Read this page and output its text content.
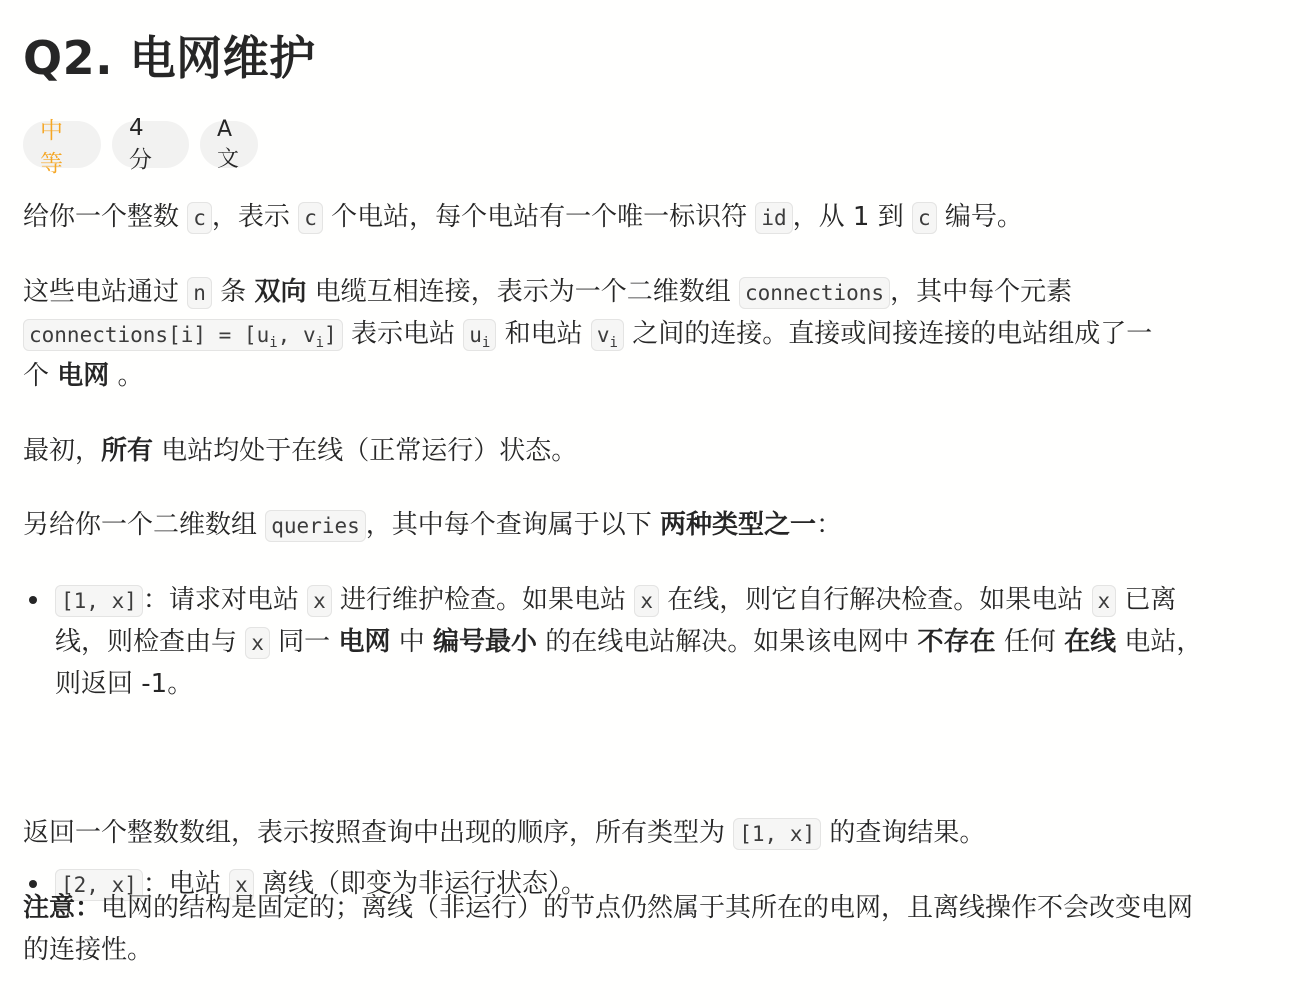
Q2. 电网维护
中等
4 分
A文

给你一个整数 c ，表示 c 个电站，每个电站有一个唯一标识符 id ，从 1 到 c 编号。

这些电站通过 n 条 双向 电缆互相连接，表示为一个二维数组 connections ，其中每个元素

connections[i] = [$u_i$, $v_i$] 表示电站 $u_i$ 和电站 $v_i$ 之间的连接。直接或间接连接的电站组成了一

个 电网 。

最初，所有 电站均处于在线（正常运行）状态。

另给你一个二维数组 queries ，其中每个查询属于以下 两种类型之一：

[1, x] ：请求对电站 x 进行维护检查。如果电站 x 在线，则它自行解决检查。如果电站 x 已离
线，则检查由与 x 同一 电网 中 编号最小 的在线电站解决。如果该电网中 不存在 任何 在线 电站，
则返回 -1。
[2, x] ：电站 x 离线（即变为非运行状态）。

返回一个整数数组，表示按照查询中出现的顺序，所有类型为 [1, x] 的查询结果。

注意：电网的结构是固定的；离线（非运行）的节点仍然属于其所在的电网，且离线操作不会改变电网

的连接性。
